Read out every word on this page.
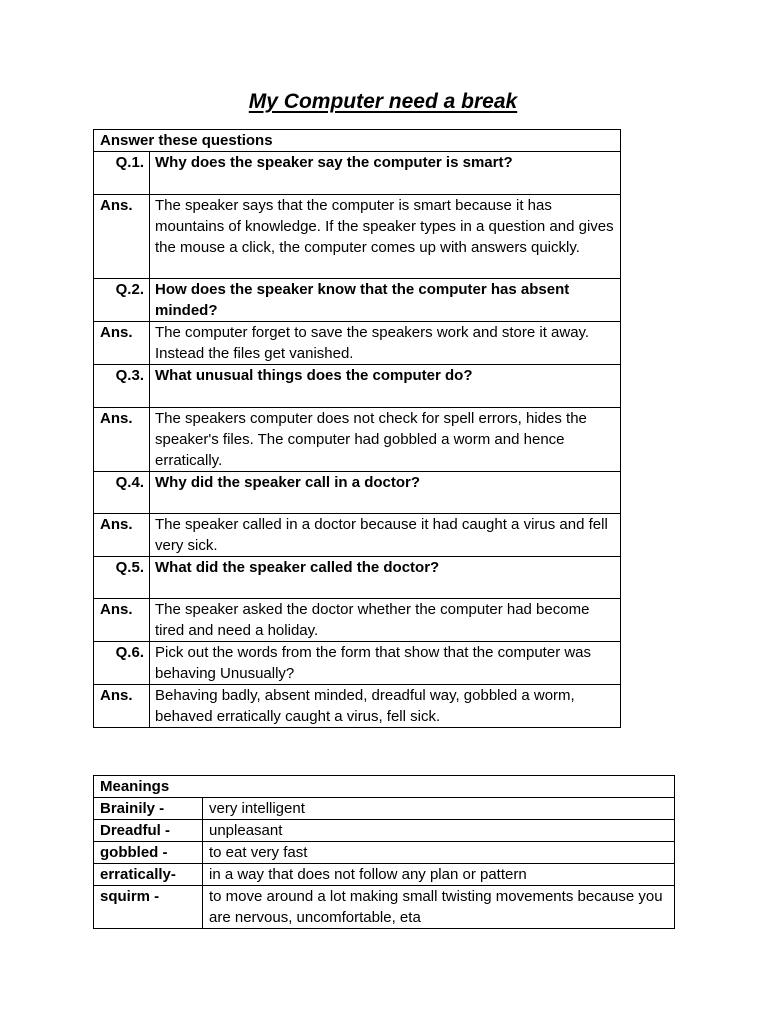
My Computer need a break
Answer these questions	
Q.1.	Why does the speaker say the computer is smart?
Ans.	The speaker says that the computer is smart because it has mountains of knowledge. If the speaker types in a question and gives the mouse a click, the computer comes up with answers quickly.
Q.2.	How does the speaker know that the computer has absent minded?
Ans.	The computer forget to save the speakers work and store it away. Instead the files get vanished.
Q.3.	What unusual things does the computer do?
Ans.	The speakers computer does not check for spell errors, hides the speaker's files. The computer had gobbled a worm and hence erratically.
Q.4.	Why did the speaker call in a doctor?
Ans.	The speaker called in a doctor because it had caught a virus and fell very sick.
Q.5.	What did the speaker called the doctor?
Ans.	The speaker asked the doctor whether the computer had become tired and need a holiday.
Q.6.	Pick out the words from the form that show that the computer was behaving Unusually?
Ans.	Behaving badly, absent minded, dreadful way, gobbled a worm, behaved erratically caught a virus, fell sick.
Meanings	
Brainily -	very intelligent
Dreadful -	unpleasant
gobbled -	to eat very fast
erratically-	in a way that does not follow any plan or pattern
squirm -	to move around a lot making small twisting movements because you are nervous, uncomfortable, eta
